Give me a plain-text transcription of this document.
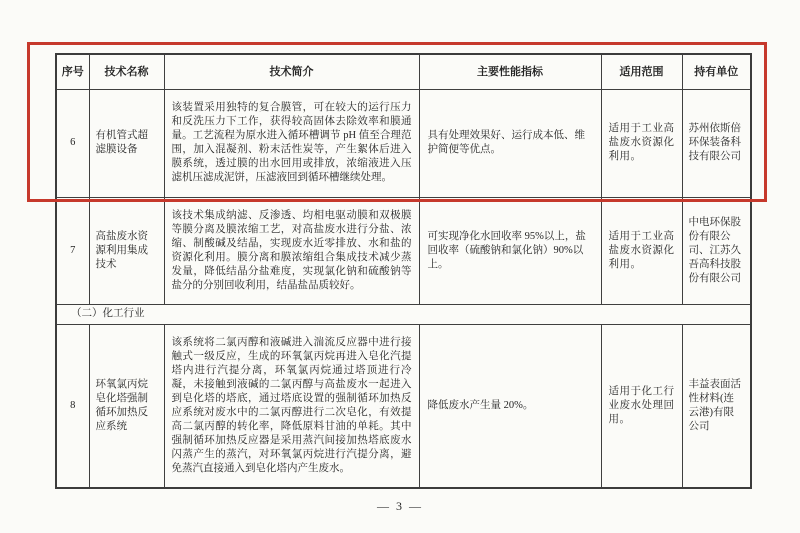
序号	技术名称	技术简介	主要性能指标	适用范围	持有单位
6	有机管式超滤膜设备	该装置采用独特的复合膜管，可在较大的运行压力和反洗压力下工作，获得较高固体去除效率和膜通量。工艺流程为原水进入循环槽调节 pH 值至合理范围，加入混凝剂、粉末活性炭等，产生絮体后进入膜系统，透过膜的出水回用或排放，浓缩液进入压滤机压滤成泥饼，压滤液回到循环槽继续处理。	具有处理效果好、运行成本低、维护简便等优点。	适用于工业高盐废水资源化利用。	苏州依斯倍环保装备科技有限公司
7	高盐废水资源利用集成技术	该技术集成纳滤、反渗透、均相电驱动膜和双极膜等膜分离及膜浓缩工艺，对高盐废水进行分盐、浓缩、制酸碱及结晶，实现废水近零排放、水和盐的资源化利用。膜分离和膜浓缩组合集成技术减少蒸发量，降低结晶分盐难度，实现氯化钠和硫酸钠等盐分的分别回收利用，结晶盐品质较好。	可实现净化水回收率 95%以上，盐回收率（硫酸钠和氯化钠）90%以上。	适用于工业高盐废水资源化利用。	中电环保股份有限公司、江苏久吾高科技股份有限公司
（二）化工行业					
8	环氧氯丙烷皂化塔强制循环加热反应系统	该系统将二氯丙醇和液碱进入湍流反应器中进行接触式一级反应，生成的环氧氯丙烷再进入皂化汽提塔内进行汽提分离，环氧氯丙烷通过塔顶进行冷凝，未接触到液碱的二氯丙醇与高盐废水一起进入到皂化塔的塔底，通过塔底设置的强制循环加热反应系统对废水中的二氯丙醇进行二次皂化，有效提高二氯丙醇的转化率，降低原料甘油的单耗。其中强制循环加热反应器是采用蒸汽间接加热塔底废水闪蒸产生的蒸汽，对环氧氯丙烷进行汽提分离，避免蒸汽直接通入到皂化塔内产生废水。	降低废水产生量 20%。	适用于化工行业废水处理回用。	丰益表面活性材料(连云港)有限公司
— 3 —
